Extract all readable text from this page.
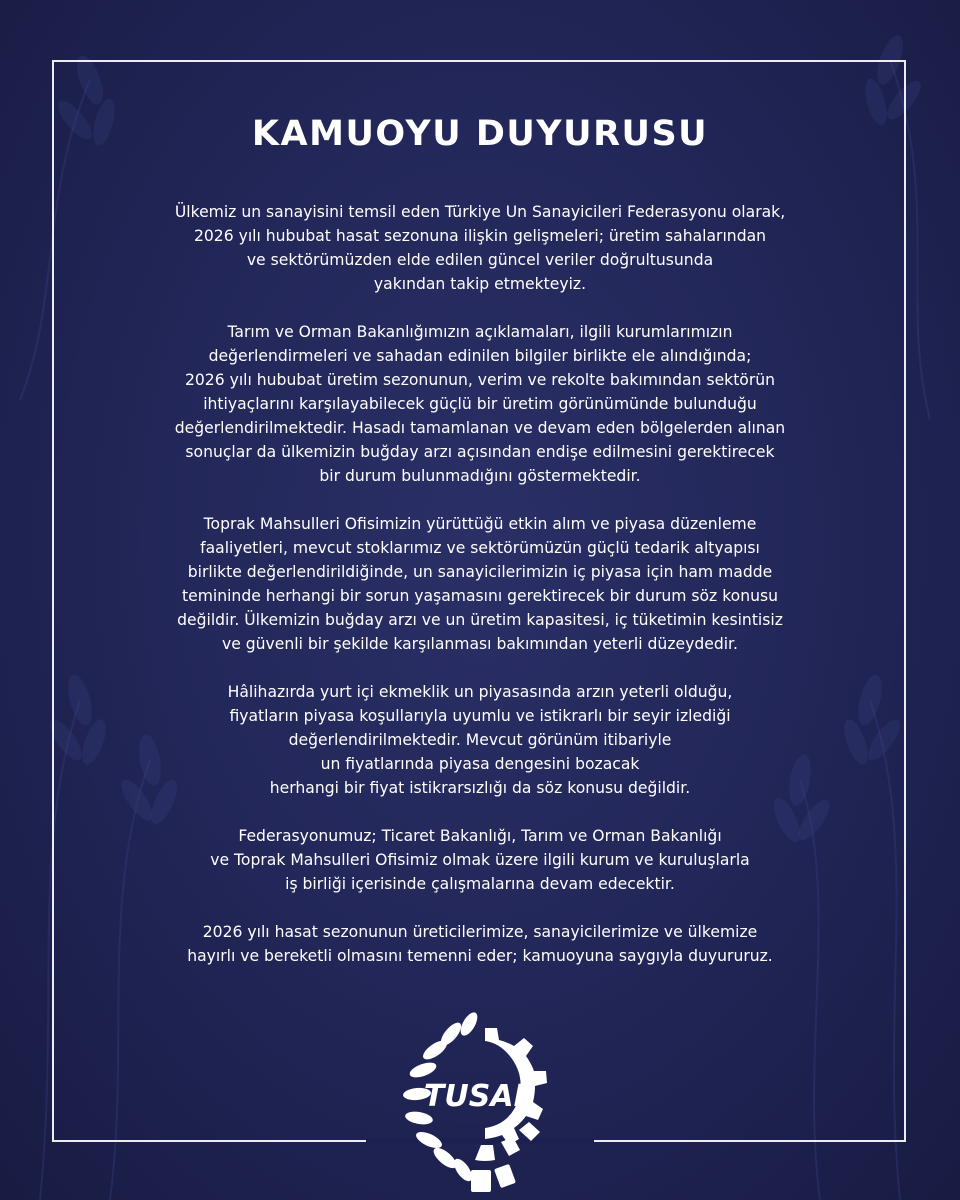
KAMUOYU DUYURUSU

Ülkemiz un sanayisini temsil eden Türkiye Un Sanayicileri Federasyonu olarak,
2026 yılı hububat hasat sezonuna ilişkin gelişmeleri; üretim sahalarından
ve sektörümüzden elde edilen güncel veriler doğrultusunda
yakından takip etmekteyiz.

Tarım ve Orman Bakanlığımızın açıklamaları, ilgili kurumlarımızın
değerlendirmeleri ve sahadan edinilen bilgiler birlikte ele alındığında;
2026 yılı hububat üretim sezonunun, verim ve rekolte bakımından sektörün
ihtiyaçlarını karşılayabilecek güçlü bir üretim görünümünde bulunduğu
değerlendirilmektedir. Hasadı tamamlanan ve devam eden bölgelerden alınan
sonuçlar da ülkemizin buğday arzı açısından endişe edilmesini gerektirecek
bir durum bulunmadığını göstermektedir.

Toprak Mahsulleri Ofisimizin yürüttüğü etkin alım ve piyasa düzenleme
faaliyetleri, mevcut stoklarımız ve sektörümüzün güçlü tedarik altyapısı
birlikte değerlendirildiğinde, un sanayicilerimizin iç piyasa için ham madde
temininde herhangi bir sorun yaşamasını gerektirecek bir durum söz konusu
değildir. Ülkemizin buğday arzı ve un üretim kapasitesi, iç tüketimin kesintisiz
ve güvenli bir şekilde karşılanması bakımından yeterli düzeydedir.

Hâlihazırda yurt içi ekmeklik un piyasasında arzın yeterli olduğu,
fiyatların piyasa koşullarıyla uyumlu ve istikrarlı bir seyir izlediği
değerlendirilmektedir. Mevcut görünüm itibariyle
un fiyatlarında piyasa dengesini bozacak
herhangi bir fiyat istikrarsızlığı da söz konusu değildir.

Federasyonumuz; Ticaret Bakanlığı, Tarım ve Orman Bakanlığı
ve Toprak Mahsulleri Ofisimiz olmak üzere ilgili kurum ve kuruluşlarla
iş birliği içerisinde çalışmalarına devam edecektir.

2026 yılı hasat sezonunun üreticilerimize, sanayicilerimize ve ülkemize
hayırlı ve bereketli olmasını temenni eder; kamuoyuna saygıyla duyururuz.

TUSAF
